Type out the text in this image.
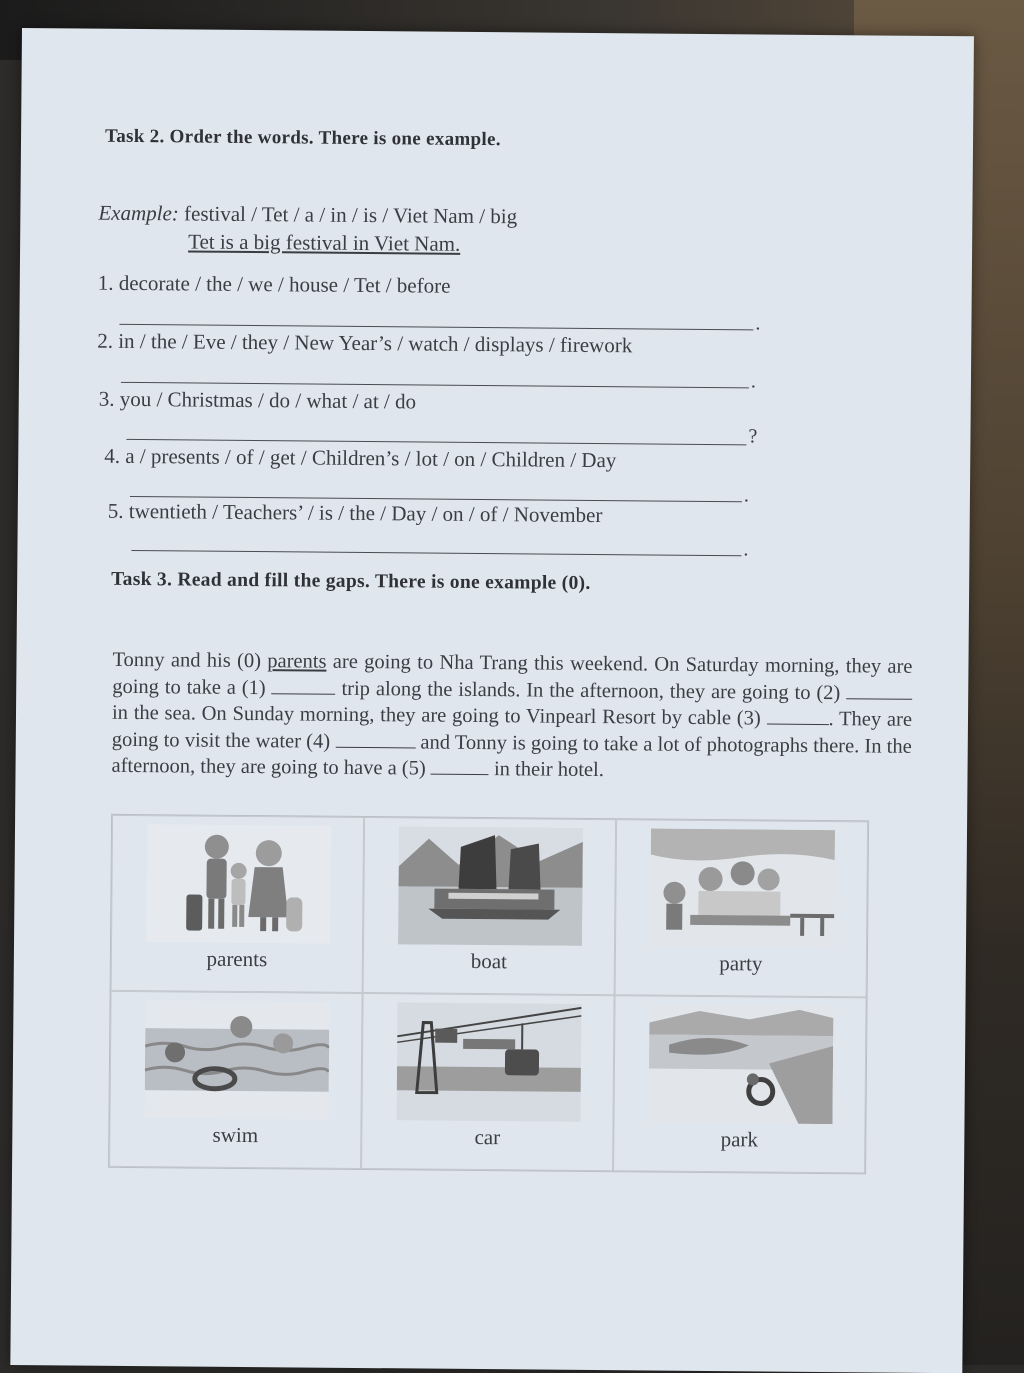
Task 2. Order the words. There is one example.
Example: festival / Tet / a / in / is / Viet Nam / big
Tet is a big festival in Viet Nam.
1. decorate / the / we / house / Tet / before
.
2. in / the / Eve / they / New Year’s / watch / displays / firework
.
3. you / Christmas / do / what / at / do
?
4. a / presents / of / get / Children’s / lot / on / Children / Day
.
5. twentieth / Teachers’ / is / the / Day / on / of / November
.
Task 3. Read and fill the gaps. There is one example (0).
Tonny and his (0) parents are going to Nha Trang this weekend. On Saturday morning, they are going to take a (1)	trip along the islands. In the afternoon, they are going to (2)  in the sea. On Sunday morning, they are going to Vinpearl Resort by cable (3)	. They are going to visit the water (4)	and Tonny is going to take a lot of photographs there. In the afternoon, they are going to have a (5)	in their hotel.
parents	boat	party
swim	car	park
